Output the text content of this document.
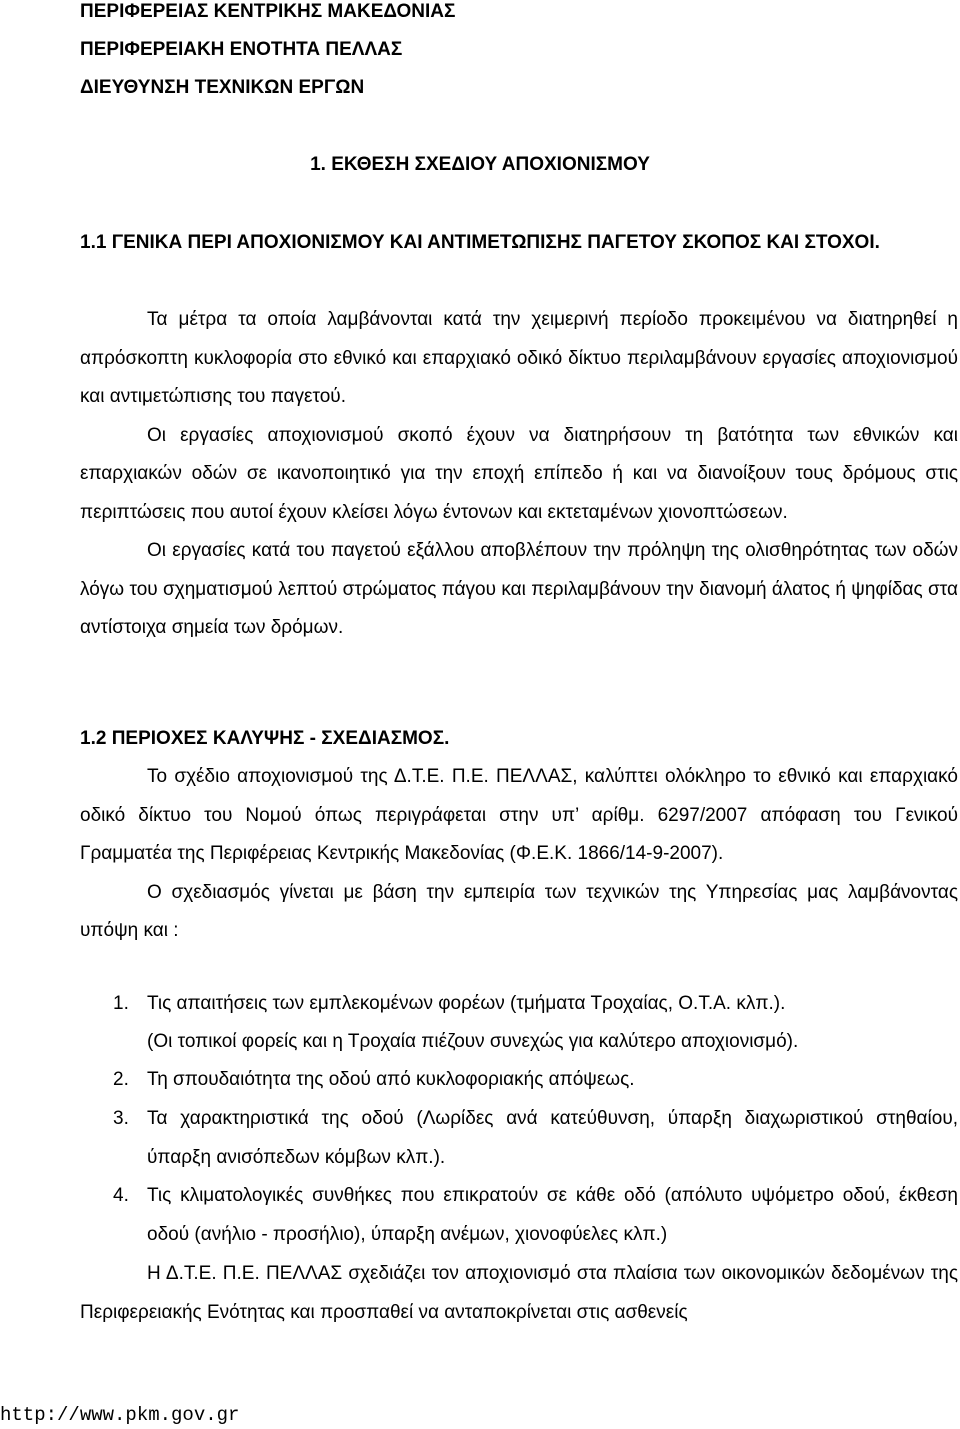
ΠΕΡΙΦΕΡΕΙΑΣ ΚΕΝΤΡΙΚΗΣ ΜΑΚΕΔΟΝΙΑΣ

ΠΕΡΙΦΕΡΕΙΑΚΗ ΕΝΟΤΗΤΑ ΠΕΛΛΑΣ

ΔΙΕΥΘΥΝΣΗ ΤΕΧΝΙΚΩΝ ΕΡΓΩΝ

1. ΕΚΘΕΣΗ ΣΧΕΔΙΟΥ ΑΠΟΧΙΟΝΙΣΜΟΥ

1.1 ΓΕΝΙΚΑ ΠΕΡΙ ΑΠΟΧΙΟΝΙΣΜΟΥ ΚΑΙ ΑΝΤΙΜΕΤΩΠΙΣΗΣ ΠΑΓΕΤΟΥ ΣΚΟΠΟΣ ΚΑΙ ΣΤΟΧΟΙ.

Τα μέτρα τα οποία λαμβάνονται κατά την χειμερινή περίοδο προκειμένου να διατηρηθεί η απρόσκοπτη κυκλοφορία στο εθνικό και επαρχιακό οδικό δίκτυο περιλαμβάνουν εργασίες αποχιονισμού και αντιμετώπισης του παγετού.

Οι εργασίες αποχιονισμού σκοπό έχουν να διατηρήσουν τη βατότητα των εθνικών και επαρχιακών οδών σε ικανοποιητικό για την εποχή επίπεδο ή και να διανοίξουν τους δρόμους στις περιπτώσεις που αυτοί έχουν κλείσει λόγω έντονων και εκτεταμένων χιονοπτώσεων.

Οι εργασίες κατά του παγετού εξάλλου αποβλέπουν την πρόληψη της ολισθηρότητας των οδών λόγω του σχηματισμού λεπτού στρώματος πάγου και περιλαμβάνουν την διανομή άλατος ή ψηφίδας στα αντίστοιχα σημεία των δρόμων.

1.2 ΠΕΡΙΟΧΕΣ ΚΑΛΥΨΗΣ - ΣΧΕΔΙΑΣΜΟΣ.

Το σχέδιο αποχιονισμού της Δ.Τ.Ε. Π.Ε. ΠΕΛΛΑΣ, καλύπτει ολόκληρο το εθνικό και επαρχιακό οδικό δίκτυο του Νομού όπως περιγράφεται στην υπ’ αρίθμ. 6297/2007 απόφαση του Γενικού Γραμματέα της Περιφέρειας Κεντρικής Μακεδονίας (Φ.Ε.Κ. 1866/14-9-2007).

Ο σχεδιασμός γίνεται με βάση την εμπειρία των τεχνικών της Υπηρεσίας μας λαμβάνοντας υπόψη και :

1. Τις απαιτήσεις των εμπλεκομένων φορέων (τμήματα Τροχαίας, Ο.Τ.Α. κλπ.).

(Οι τοπικοί φορείς και η Τροχαία πιέζουν συνεχώς για καλύτερο αποχιονισμό).

2. Τη σπουδαιότητα της οδού από κυκλοφοριακής απόψεως.

3. Τα χαρακτηριστικά της οδού (Λωρίδες ανά κατεύθυνση, ύπαρξη διαχωριστικού στηθαίου, ύπαρξη ανισόπεδων κόμβων κλπ.).

4. Τις κλιματολογικές συνθήκες που επικρατούν σε κάθε οδό (απόλυτο υψόμετρο οδού, έκθεση οδού (ανήλιο - προσήλιο), ύπαρξη ανέμων, χιονοφύελες κλπ.)

Η Δ.Τ.Ε. Π.Ε. ΠΕΛΛΑΣ σχεδιάζει τον αποχιονισμό στα πλαίσια των οικονομικών δεδομένων της Περιφερειακής Ενότητας και προσπαθεί να ανταποκρίνεται στις ασθενείς

http://www.pkm.gov.gr
